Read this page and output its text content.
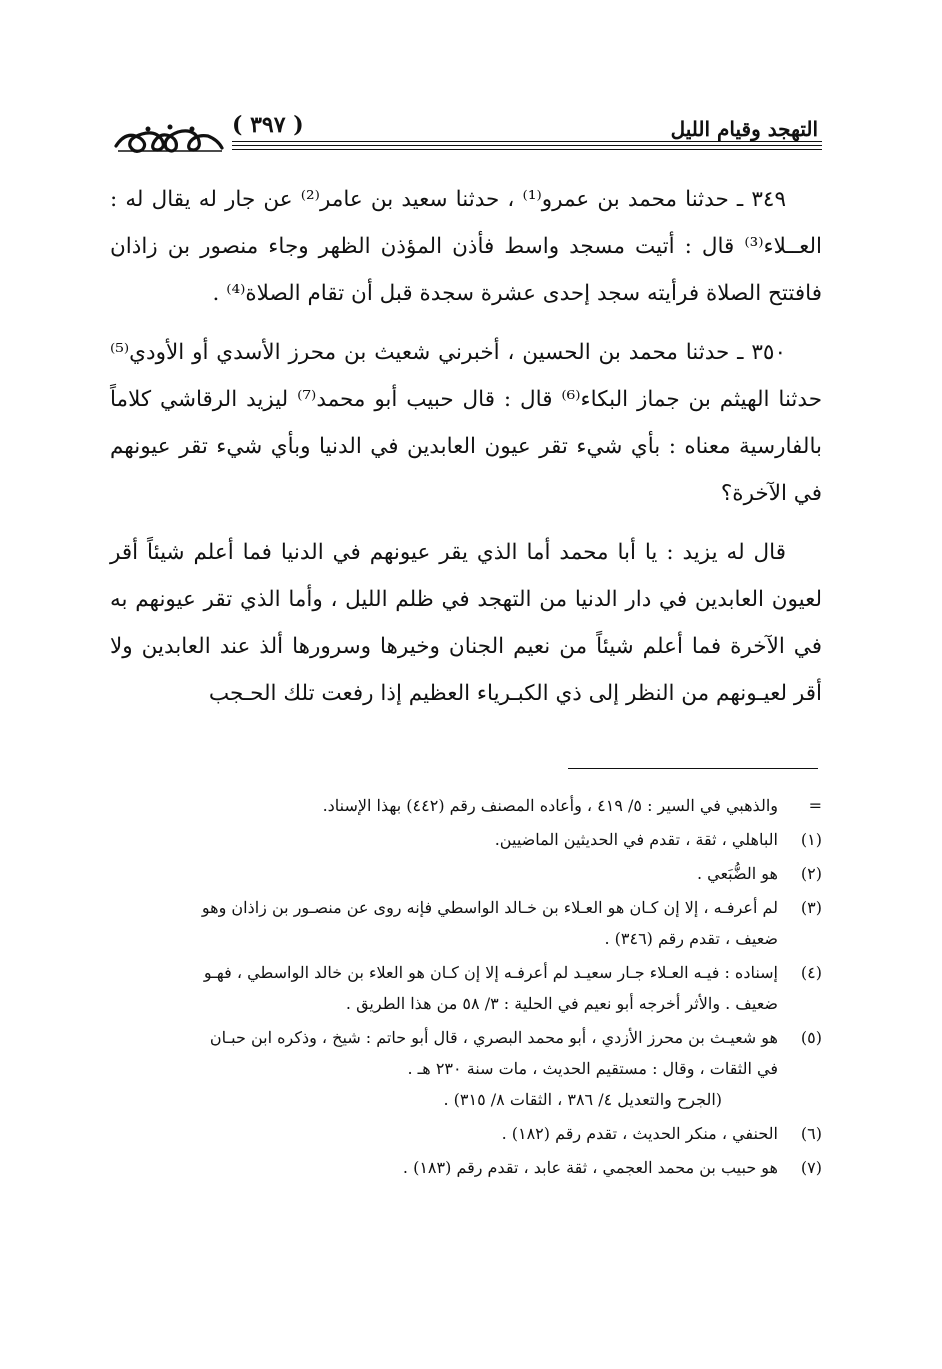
التهجد وقيام الليل
( ٣٩٧ )

٣٤٩ ـ حدثنا محمد بن عمرو⁽¹⁾ ، حدثنا سعيد بن عامر⁽²⁾ عن جار له يقال له : العــلاء⁽³⁾ قال : أتيت مسجد واسط فأذن المؤذن الظهر وجاء منصور بن زاذان فافتتح الصلاة فرأيته سجد إحدى عشرة سجدة قبل أن تقام الصلاة⁽⁴⁾ .

٣٥٠ ـ حدثنا محمد بن الحسين ، أخبرني شعيث بن محرز الأسدي أو الأودي⁽⁵⁾ حدثنا الهيثم بن جماز البكاء⁽⁶⁾ قال : قال حبيب أبو محمد⁽⁷⁾ ليزيد الرقاشي كلاماً بالفارسية معناه : بأي شيء تقر عيون العابدين في الدنيا وبأي شيء تقر عيونهم في الآخرة؟

قال له يزيد : يا أبا محمد أما الذي يقر عيونهم في الدنيا فما أعلم شيئاً أقر لعيون العابدين في دار الدنيا من التهجد في ظلم الليل ، وأما الذي تقر عيونهم به في الآخرة فما أعلم شيئاً من نعيم الجنان وخيرها وسرورها ألذ عند العابدين ولا أقر لعيـونهم من النظر إلى ذي الكبـرياء العظيم إذا رفعت تلك الحـجب

=
والذهبي في السير : ٥/ ٤١٩ ، وأعاده المصنف رقم (٤٤٢) بهذا الإسناد.
(١)
الباهلي ، ثقة ، تقدم في الحديثين الماضيين.
(٢)
هو الضُّبَعي .
(٣)
لم أعرفـه ، إلا إن كـان هو العـلاء بن خـالد الواسطي فإنه روى عن منصـور بن زاذان وهو
ضعيف ، تقدم رقم (٣٤٦) .
(٤)
إسناده : فيـه العـلاء جـار سعيـد لم أعرفـه إلا إن كـان هو العلاء بن خالد الواسطي ، فهـو
ضعيف . والأثر أخرجه أبو نعيم في الحلية : ٣/ ٥٨ من هذا الطريق .
(٥)
هو شعيـث بن محرز الأزدي ، أبو محمد البصري ، قال أبو حاتم : شيخ ، وذكره ابن حبـان
في الثقات ، وقال : مستقيم الحديث ، مات سنة ٢٣٠ هـ .
(الجرح والتعديل ٤/ ٣٨٦ ، الثقات ٨/ ٣١٥) .
(٦)
الحنفي ، منكر الحديث ، تقدم رقم (١٨٢) .
(٧)
هو حبيب بن محمد العجمي ، ثقة عابد ، تقدم رقم (١٨٣) .
